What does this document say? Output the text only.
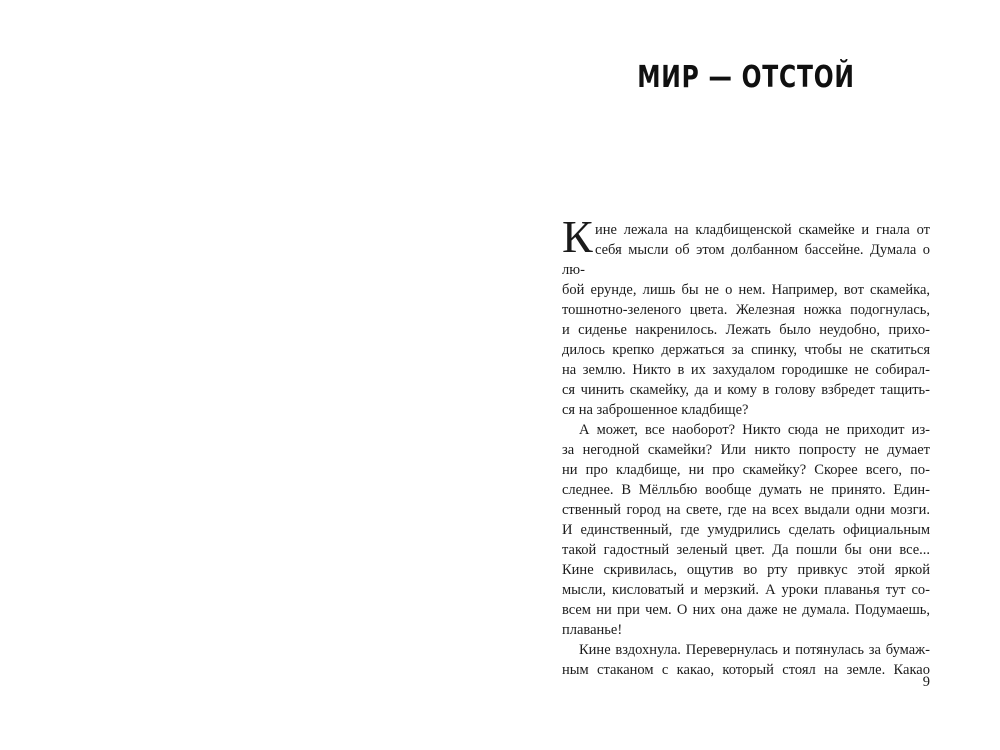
МИР — ОТСТОЙ
К ине лежала на кладбищенской скамейке и гнала от
себя мысли об этом долбанном бассейне. Думала о лю-
бой ерунде, лишь бы не о нем. Например, вот скамейка,
тошнотно-зеленого цвета. Железная ножка подогнулась,
и сиденье накренилось. Лежать было неудобно, прихо-
дилось крепко держаться за спинку, чтобы не скатиться
на землю. Никто в их захудалом городишке не собирал-
ся чинить скамейку, да и кому в голову взбредет тащить-
ся на заброшенное кладбище?
А может, все наоборот? Никто сюда не приходит из-
за негодной скамейки? Или никто попросту не думает
ни про кладбище, ни про скамейку? Скорее всего, по-
следнее. В Мёлльбю вообще думать не принято. Един-
ственный город на свете, где на всех выдали одни мозги.
И единственный, где умудрились сделать официальным
такой гадостный зеленый цвет. Да пошли бы они все...
Кине скривилась, ощутив во рту привкус этой яркой
мысли, кисловатый и мерзкий. А уроки плаванья тут со-
всем ни при чем. О них она даже не думала. Подумаешь,
плаванье!
Кине вздохнула. Перевернулась и потянулась за бумаж-
ным стаканом с какао, который стоял на земле. Какао
9
